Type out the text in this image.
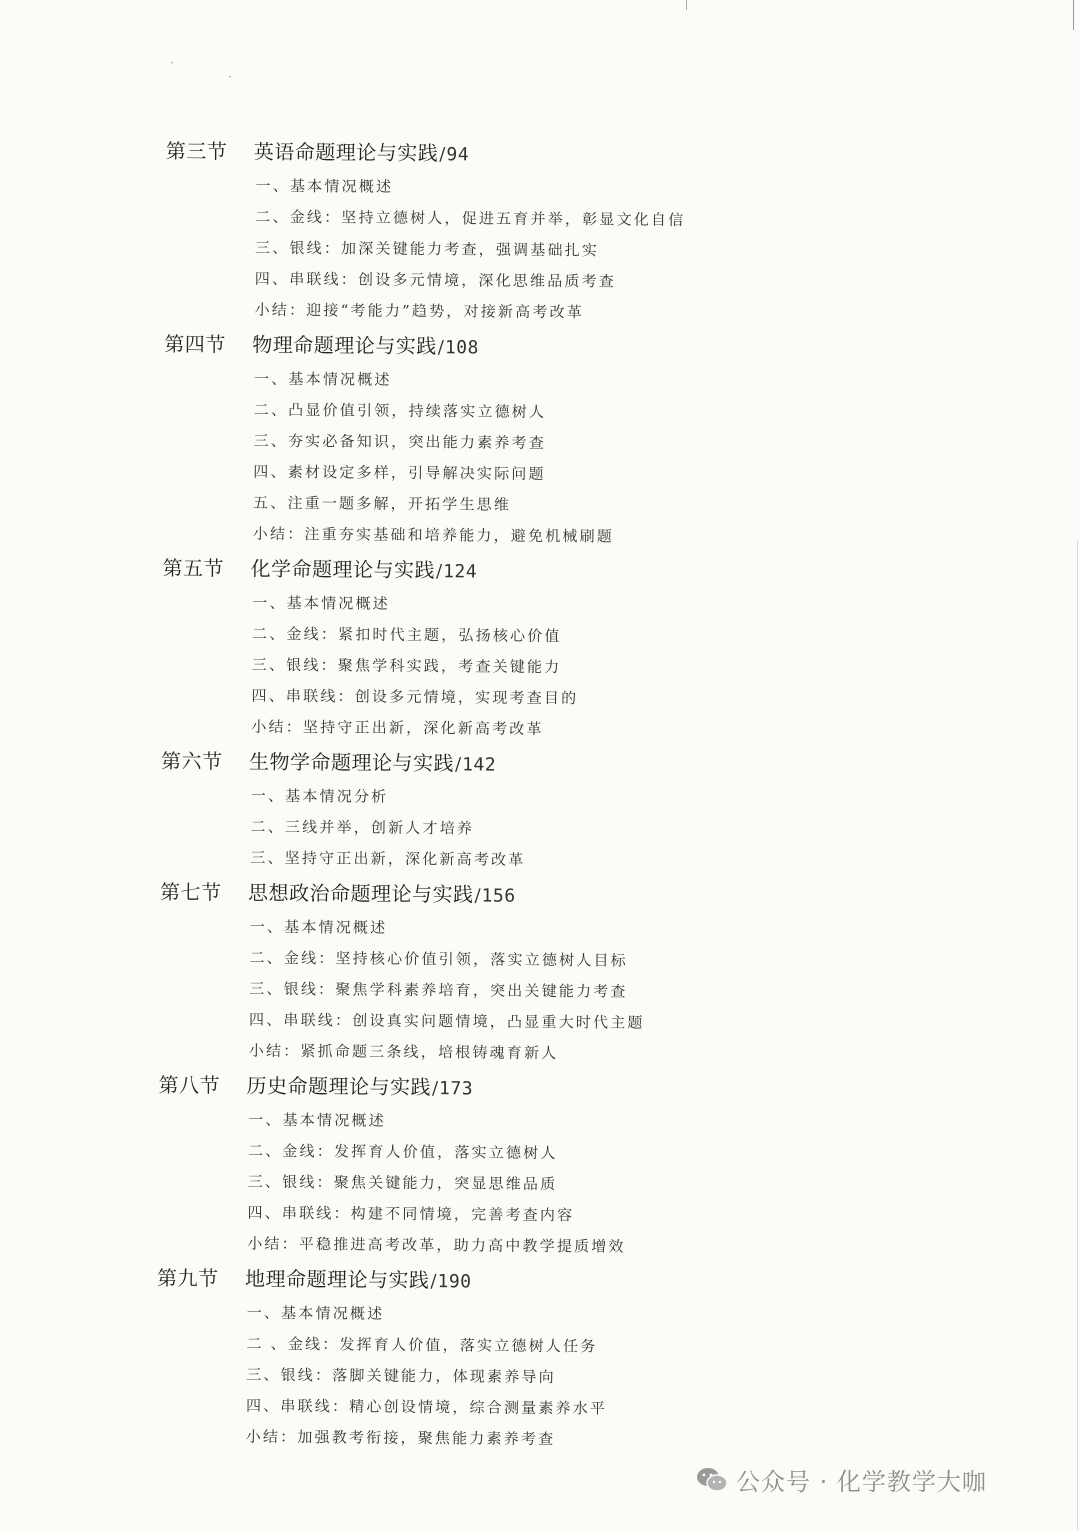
·
·
第三节	英语命题理论与实践 / 94
一、基本情况概述
二、金线：坚持立德树人，促进五育并举，彰显文化自信
三、银线：加深关键能力考查，强调基础扎实
四、串联线：创设多元情境，深化思维品质考查
小结：迎接“考能力”趋势，对接新高考改革
第四节	物理命题理论与实践 / 108
一、基本情况概述
二、凸显价值引领，持续落实立德树人
三、夯实必备知识，突出能力素养考查
四、素材设定多样，引导解决实际问题
五、注重一题多解，开拓学生思维
小结：注重夯实基础和培养能力，避免机械刷题
第五节	化学命题理论与实践 / 124
一、基本情况概述
二、金线：紧扣时代主题，弘扬核心价值
三、银线：聚焦学科实践，考查关键能力
四、串联线：创设多元情境，实现考查目的
小结：坚持守正出新，深化新高考改革
第六节	生物学命题理论与实践 / 142
一、基本情况分析
二、三线并举，创新人才培养
三、坚持守正出新，深化新高考改革
第七节	思想政治命题理论与实践 / 156
一、基本情况概述
二、金线：坚持核心价值引领，落实立德树人目标
三、银线：聚焦学科素养培育，突出关键能力考查
四、串联线：创设真实问题情境，凸显重大时代主题
小结：紧抓命题三条线，培根铸魂育新人
第八节	历史命题理论与实践 / 173
一、基本情况概述
二、金线：发挥育人价值，落实立德树人
三、银线：聚焦关键能力，突显思维品质
四、串联线：构建不同情境，完善考查内容
小结：平稳推进高考改革，助力高中教学提质增效
第九节	地理命题理论与实践 / 190
一、基本情况概述
二 、金线：发挥育人价值，落实立德树人任务
三、银线：落脚关键能力，体现素养导向
四、串联线：精心创设情境，综合测量素养水平
小结：加强教考衔接，聚焦能力素养考查
公众号 · 化学教学大咖
